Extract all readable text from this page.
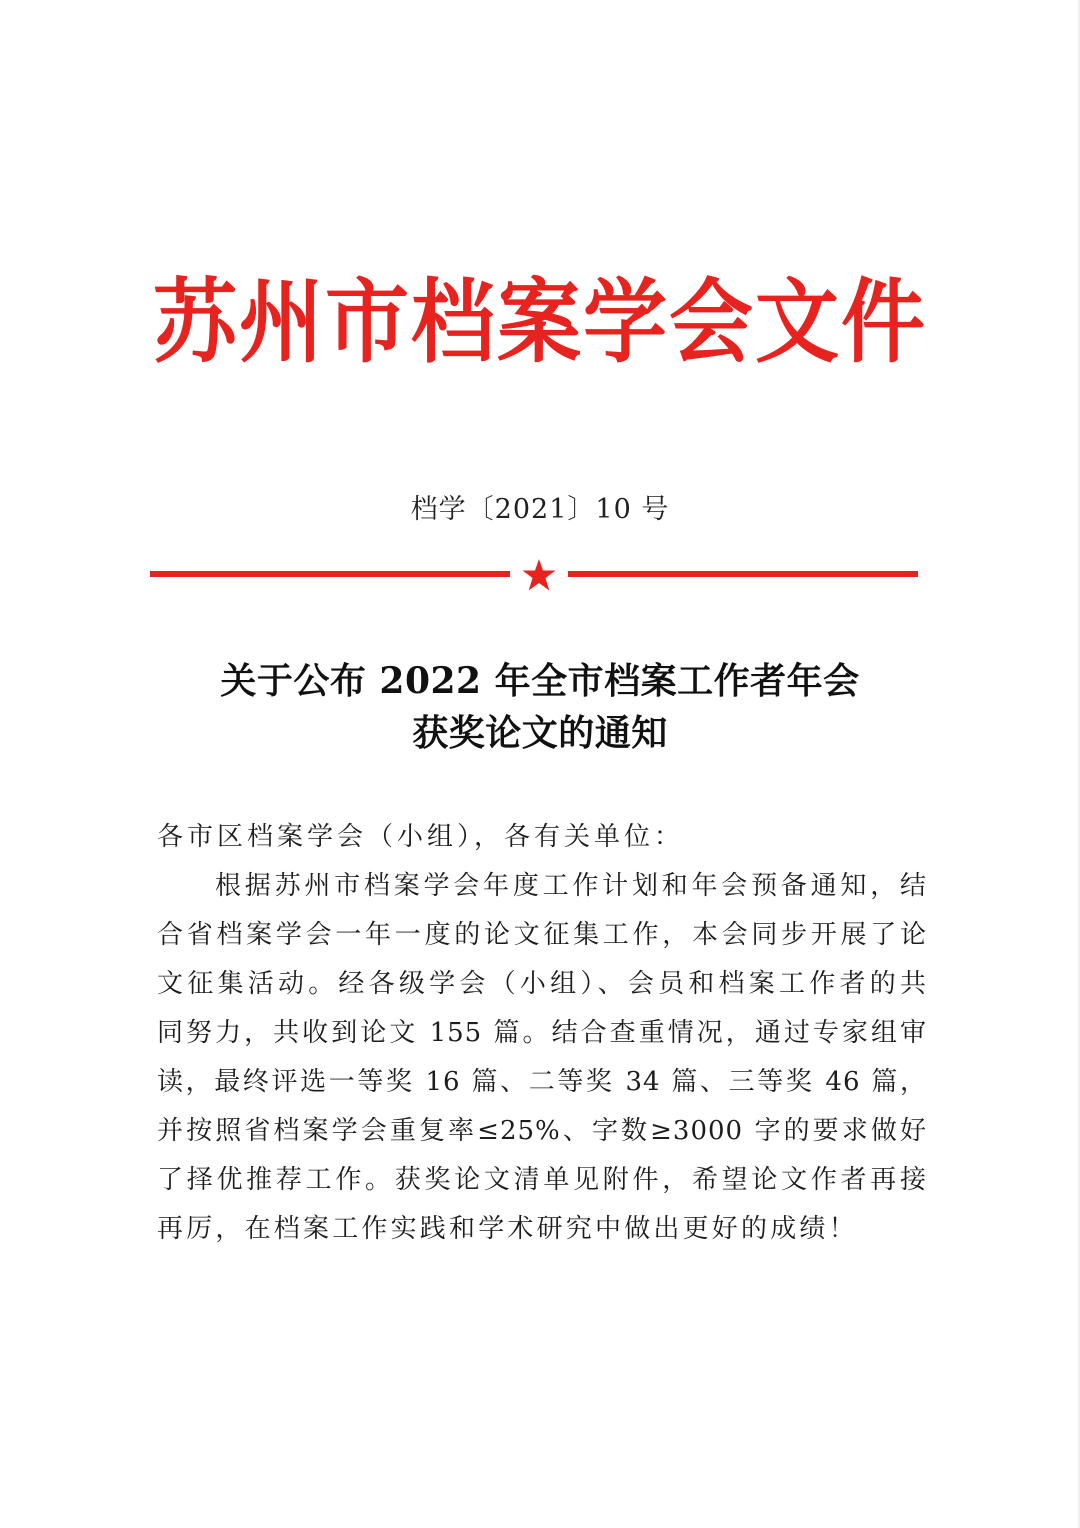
苏州市档案学会文件
档学〔2021〕10 号
关于公布 2022 年全市档案工作者年会
获奖论文的通知
各市区档案学会（小组），各有关单位：
根据苏州市档案学会年度工作计划和年会预备通知，结
合省档案学会一年一度的论文征集工作，本会同步开展了论
文征集活动。经各级学会（小组）、会员和档案工作者的共
同努力，共收到论文 155 篇。结合查重情况，通过专家组审
读，最终评选一等奖 16 篇、二等奖 34 篇、三等奖 46 篇，
并按照省档案学会重复率≤25%、字数≥3000 字的要求做好
了择优推荐工作。获奖论文清单见附件，希望论文作者再接
再厉，在档案工作实践和学术研究中做出更好的成绩！
